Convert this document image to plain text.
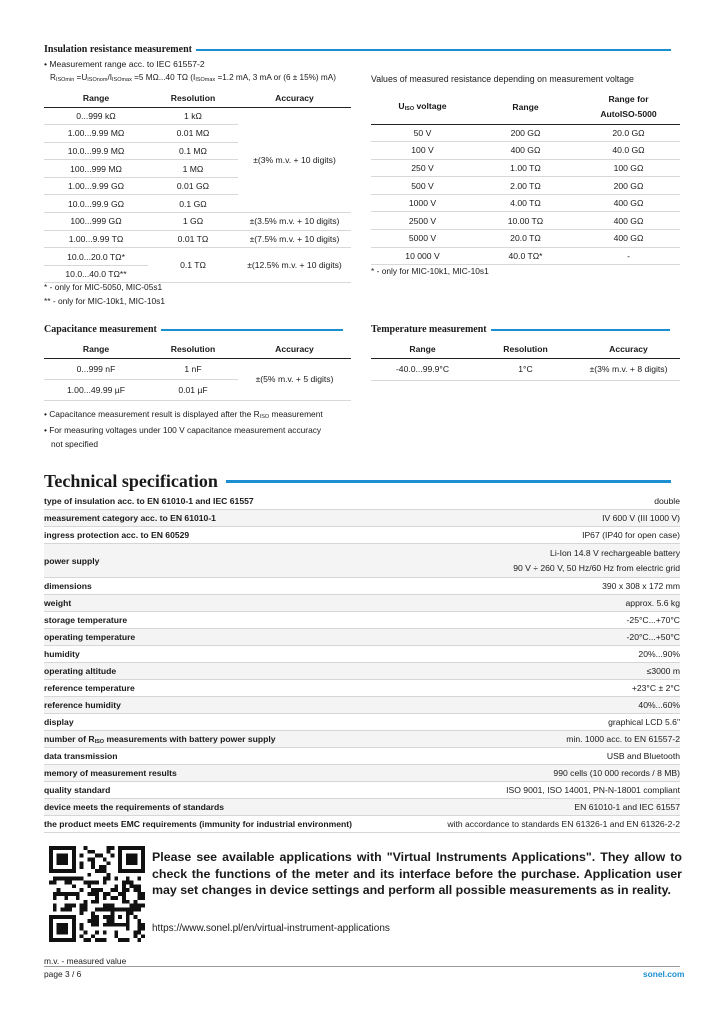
Insulation resistance measurement
• Measurement range acc. to IEC 61557-2
$R_{ISOmin} =U_{ISOnom}/I_{ISOmax} =5$ MΩ...40 TΩ ($I_{ISOmax} =1.2$ mA, 3 mA or (6 ± 15%) mA)
Range	Resolution	Accuracy
0...999 kΩ	1 kΩ	±(3% m.v. + 10 digits)
1.00...9.99 MΩ	0.01 MΩ	
10.0...99.9 MΩ	0.1 MΩ	
100...999 MΩ	1 MΩ	
1.00...9.99 GΩ	0.01 GΩ	
10.0...99.9 GΩ	0.1 GΩ	
100...999 GΩ	1 GΩ	±(3.5% m.v. + 10 digits)
1.00...9.99 TΩ	0.01 TΩ	±(7.5% m.v. + 10 digits)
10.0...20.0 TΩ*	0.1 TΩ	±(12.5% m.v. + 10 digits)
10.0...40.0 TΩ**		
* - only for MIC-5050, MIC-05s1
** - only for MIC-10k1, MIC-10s1
Values of measured resistance depending on measurement voltage
$U_{ISO}$ voltage	Range	Range for
AutoISO-5000
50 V	200 GΩ	20.0 GΩ
100 V	400 GΩ	40.0 GΩ
250 V	1.00 TΩ	100 GΩ
500 V	2.00 TΩ	200 GΩ
1000 V	4.00 TΩ	400 GΩ
2500 V	10.00 TΩ	400 GΩ
5000 V	20.0 TΩ	400 GΩ
10 000 V	40.0 TΩ*	-
* - only for MIC-10k1, MIC-10s1
Capacitance measurement
Range	Resolution	Accuracy
0...999 nF	1 nF	±(5% m.v. + 5 digits)
1.00...49.99 µF	0.01 µF	
• Capacitance measurement result is displayed after the $R_{ISO}$ measurement
• For measuring voltages under 100 V capacitance measurement accuracy
not specified
Temperature measurement
Range	Resolution	Accuracy
-40.0...99.9°C	1°C	±(3% m.v. + 8 digits)
Technical specification
type of insulation acc. to EN 61010-1 and IEC 61557	double
measurement category acc. to EN 61010-1	IV 600 V (III 1000 V)
ingress protection acc. to EN 60529	IP67 (IP40 for open case)
power supply
Li-Ion 14.8 V rechargeable battery
90 V ÷ 260 V, 50 Hz/60 Hz from electric grid
dimensions	390 x 308 x 172 mm
weight	approx. 5.6 kg
storage temperature	-25°C...+70°C
operating temperature	-20°C...+50°C
humidity	20%...90%
operating altitude	≤3000 m
reference temperature	+23°C ± 2°C
reference humidity	40%...60%
display	graphical LCD 5.6"
number of $R_{ISO}$ measurements with battery power supply	min. 1000 acc. to EN 61557-2
data transmission	USB and Bluetooth
memory of measurement results	990 cells (10 000 records / 8 MB)
quality standard	ISO 9001, ISO 14001, PN-N-18001 compliant
device meets the requirements of standards	EN 61010-1 and IEC 61557
the product meets EMC requirements (immunity for industrial environment)	with accordance to standards EN 61326-1 and EN 61326-2-2
Please see available applications with "Virtual Instruments Applications". They allow to check the functions of the meter and its interface before the purchase. Application user may set changes in device settings and perform all possible measurements as in reality.
https://www.sonel.pl/en/virtual-instrument-applications
m.v. - measured value
page 3 / 6	sonel.com
